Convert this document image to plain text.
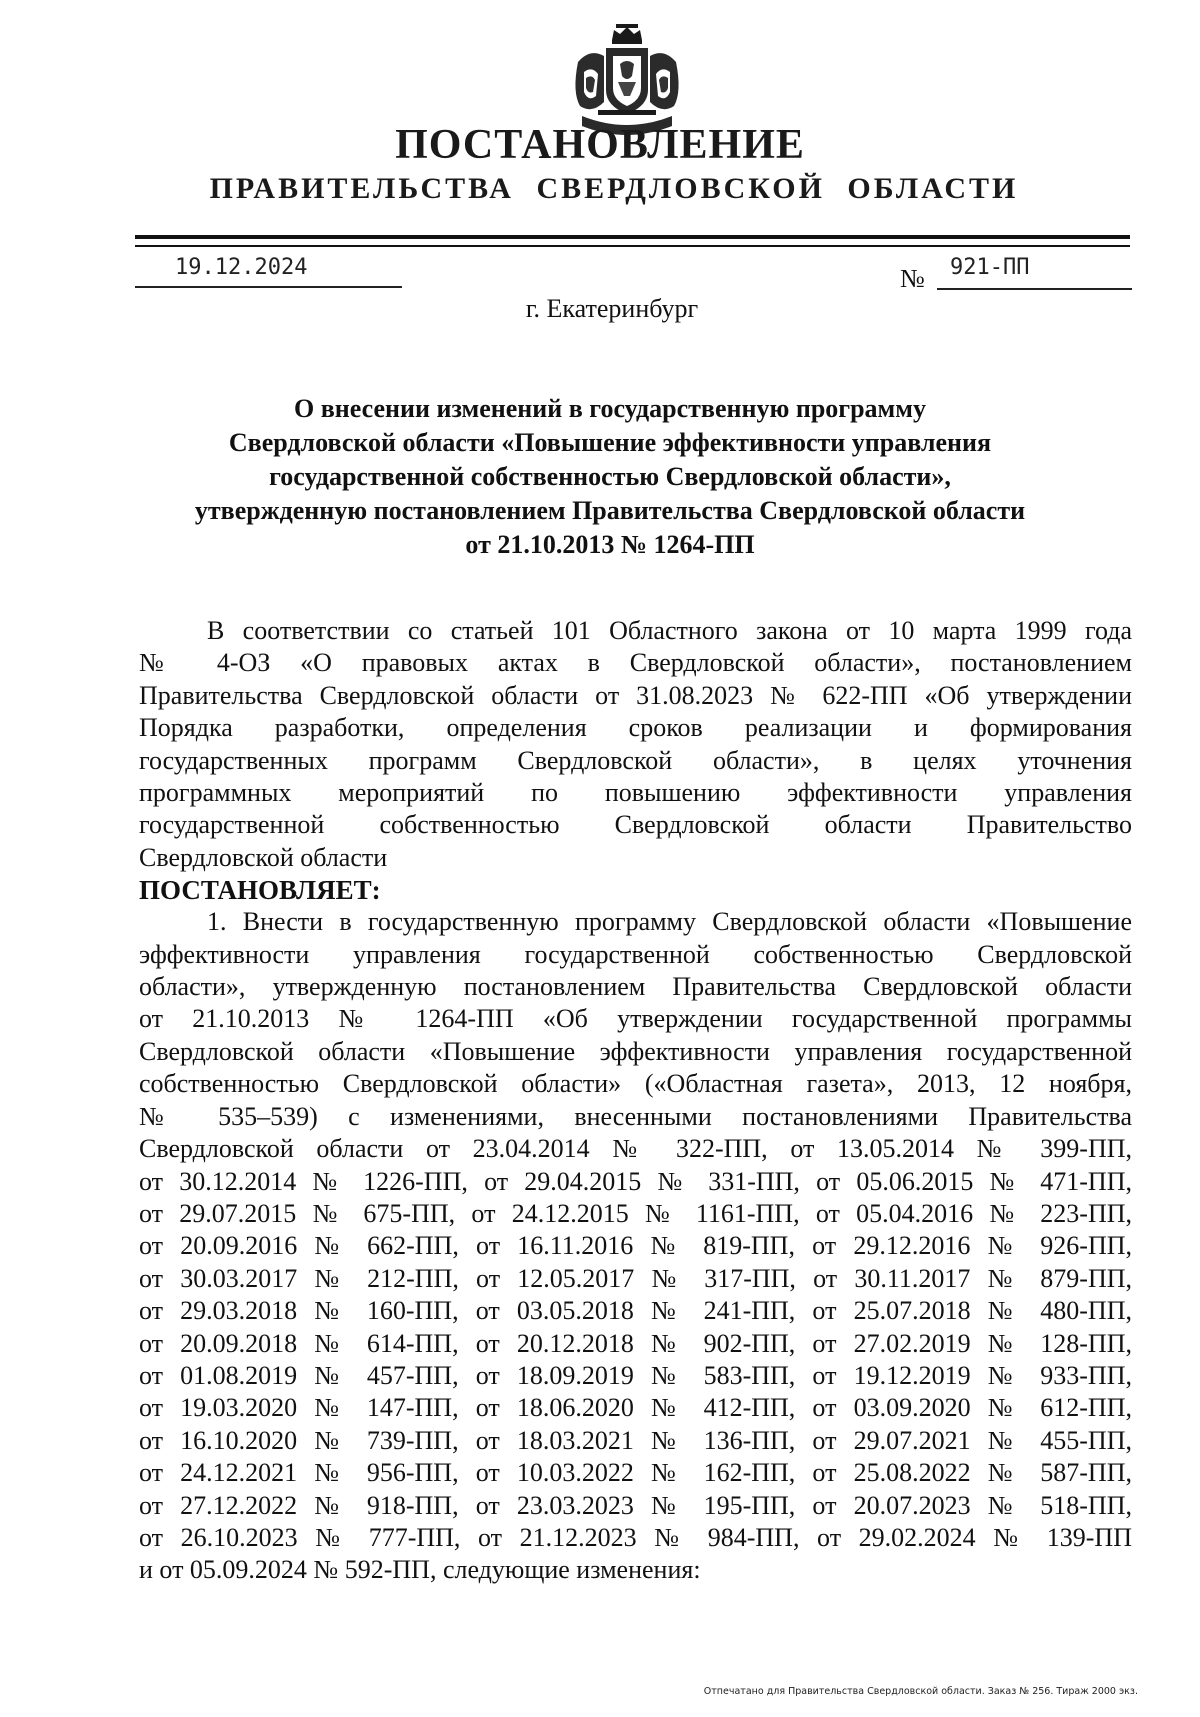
ПОСТАНОВЛЕНИЕ
ПРАВИТЕЛЬСТВА СВЕРДЛОВСКОЙ ОБЛАСТИ
19.12.2024	№ 921-ПП
г. Екатеринбург
О внесении изменений в государственную программу
Свердловской области «Повышение эффективности управления
государственной собственностью Свердловской области»,
утвержденную постановлением Правительства Свердловской области
от 21.10.2013 № 1264-ПП
В соответствии со статьей 101 Областного закона от 10 марта 1999 года
№ 4-ОЗ «О правовых актах в Свердловской области», постановлением
Правительства Свердловской области от 31.08.2023 № 622-ПП «Об утверждении
Порядка разработки, определения сроков реализации и формирования
государственных программ Свердловской области», в целях уточнения
программных мероприятий по повышению эффективности управления
государственной собственностью Свердловской области Правительство
Свердловской области
ПОСТАНОВЛЯЕТ:
1. Внести в государственную программу Свердловской области «Повышение
эффективности управления государственной собственностью Свердловской
области», утвержденную постановлением Правительства Свердловской области
от 21.10.2013 № 1264-ПП «Об утверждении государственной программы
Свердловской области «Повышение эффективности управления государственной
собственностью Свердловской области» («Областная газета», 2013, 12 ноября,
№ 535–539) с изменениями, внесенными постановлениями Правительства
Свердловской области от 23.04.2014 № 322-ПП, от 13.05.2014 № 399-ПП,
от 30.12.2014 № 1226-ПП, от 29.04.2015 № 331-ПП, от 05.06.2015 № 471-ПП,
от 29.07.2015 № 675-ПП, от 24.12.2015 № 1161-ПП, от 05.04.2016 № 223-ПП,
от 20.09.2016 № 662-ПП, от 16.11.2016 № 819-ПП, от 29.12.2016 № 926-ПП,
от 30.03.2017 № 212-ПП, от 12.05.2017 № 317-ПП, от 30.11.2017 № 879-ПП,
от 29.03.2018 № 160-ПП, от 03.05.2018 № 241-ПП, от 25.07.2018 № 480-ПП,
от 20.09.2018 № 614-ПП, от 20.12.2018 № 902-ПП, от 27.02.2019 № 128-ПП,
от 01.08.2019 № 457-ПП, от 18.09.2019 № 583-ПП, от 19.12.2019 № 933-ПП,
от 19.03.2020 № 147-ПП, от 18.06.2020 № 412-ПП, от 03.09.2020 № 612-ПП,
от 16.10.2020 № 739-ПП, от 18.03.2021 № 136-ПП, от 29.07.2021 № 455-ПП,
от 24.12.2021 № 956-ПП, от 10.03.2022 № 162-ПП, от 25.08.2022 № 587-ПП,
от 27.12.2022 № 918-ПП, от 23.03.2023 № 195-ПП, от 20.07.2023 № 518-ПП,
от 26.10.2023 № 777-ПП, от 21.12.2023 № 984-ПП, от 29.02.2024 № 139-ПП
и от 05.09.2024 № 592-ПП, следующие изменения:
Отпечатано для Правительства Свердловской области. Заказ № 256. Тираж 2000 экз.
